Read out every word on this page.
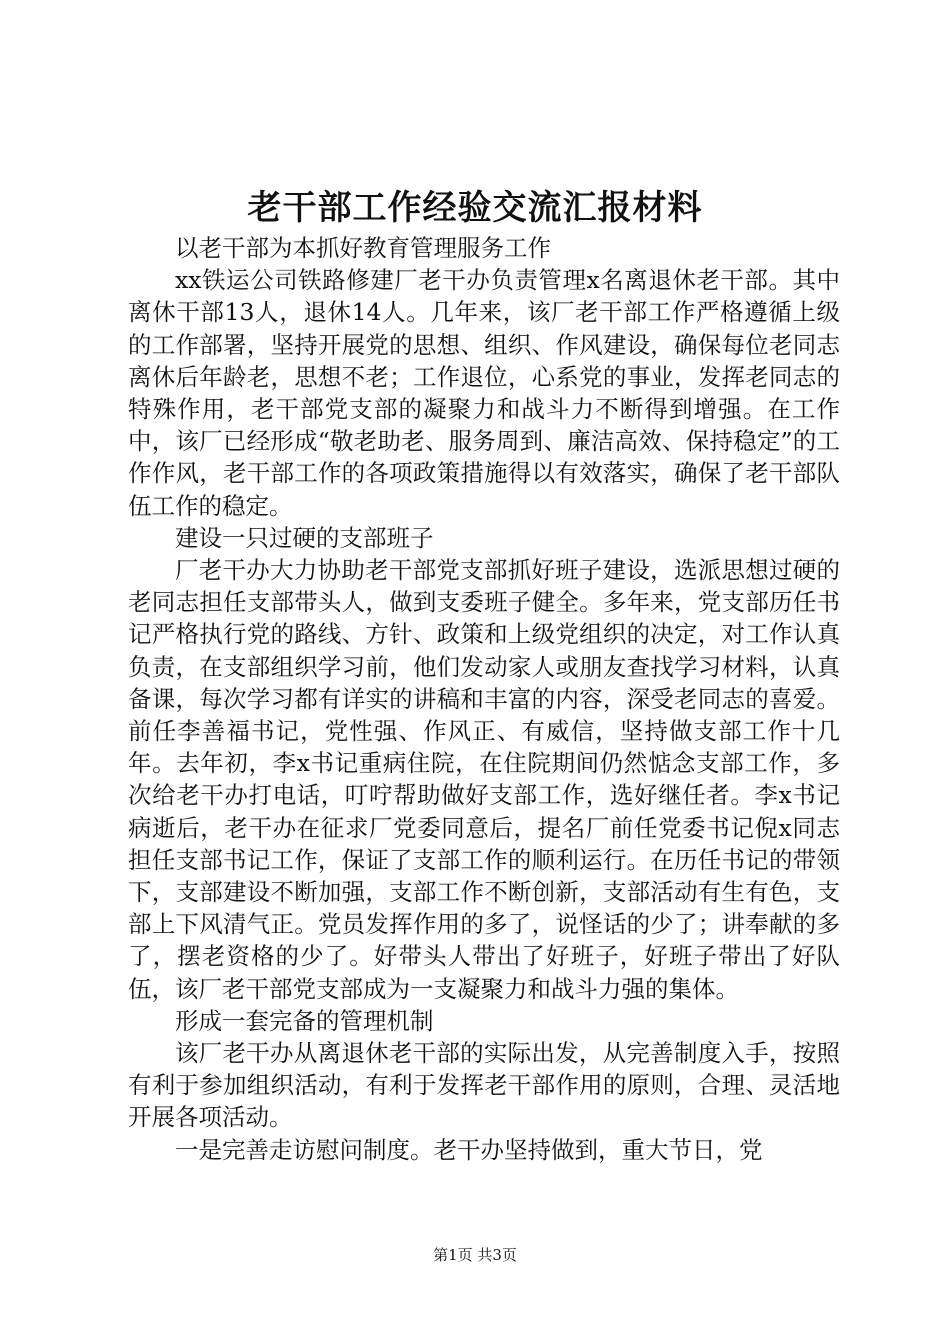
老干部工作经验交流汇报材料

以老干部为本抓好教育管理服务工作

xx铁运公司铁路修建厂老干办负责管理x名离退休老干部。其中离休干部13人，退休14人。几年来，该厂老干部工作严格遵循上级的工作部署，坚持开展党的思想、组织、作风建设，确保每位老同志离休后年龄老，思想不老；工作退位，心系党的事业，发挥老同志的特殊作用，老干部党支部的凝聚力和战斗力不断得到增强。在工作中，该厂已经形成“敬老助老、服务周到、廉洁高效、保持稳定”的工作作风，老干部工作的各项政策措施得以有效落实，确保了老干部队伍工作的稳定。

建设一只过硬的支部班子

厂老干办大力协助老干部党支部抓好班子建设，选派思想过硬的老同志担任支部带头人，做到支委班子健全。多年来，党支部历任书记严格执行党的路线、方针、政策和上级党组织的决定，对工作认真负责，在支部组织学习前，他们发动家人或朋友查找学习材料，认真备课，每次学习都有详实的讲稿和丰富的内容，深受老同志的喜爱。前任李善福书记，党性强、作风正、有威信，坚持做支部工作十几年。去年初，李x书记重病住院，在住院期间仍然惦念支部工作，多次给老干办打电话，叮咛帮助做好支部工作，选好继任者。李x书记病逝后，老干办在征求厂党委同意后，提名厂前任党委书记倪x同志担任支部书记工作，保证了支部工作的顺利运行。在历任书记的带领下，支部建设不断加强，支部工作不断创新，支部活动有生有色，支部上下风清气正。党员发挥作用的多了，说怪话的少了；讲奉献的多了，摆老资格的少了。好带头人带出了好班子，好班子带出了好队伍，该厂老干部党支部成为一支凝聚力和战斗力强的集体。

形成一套完备的管理机制

该厂老干办从离退休老干部的实际出发，从完善制度入手，按照有利于参加组织活动，有利于发挥老干部作用的原则，合理、灵活地开展各项活动。

一是完善走访慰问制度。老干办坚持做到，重大节日，党

第1页 共3页
